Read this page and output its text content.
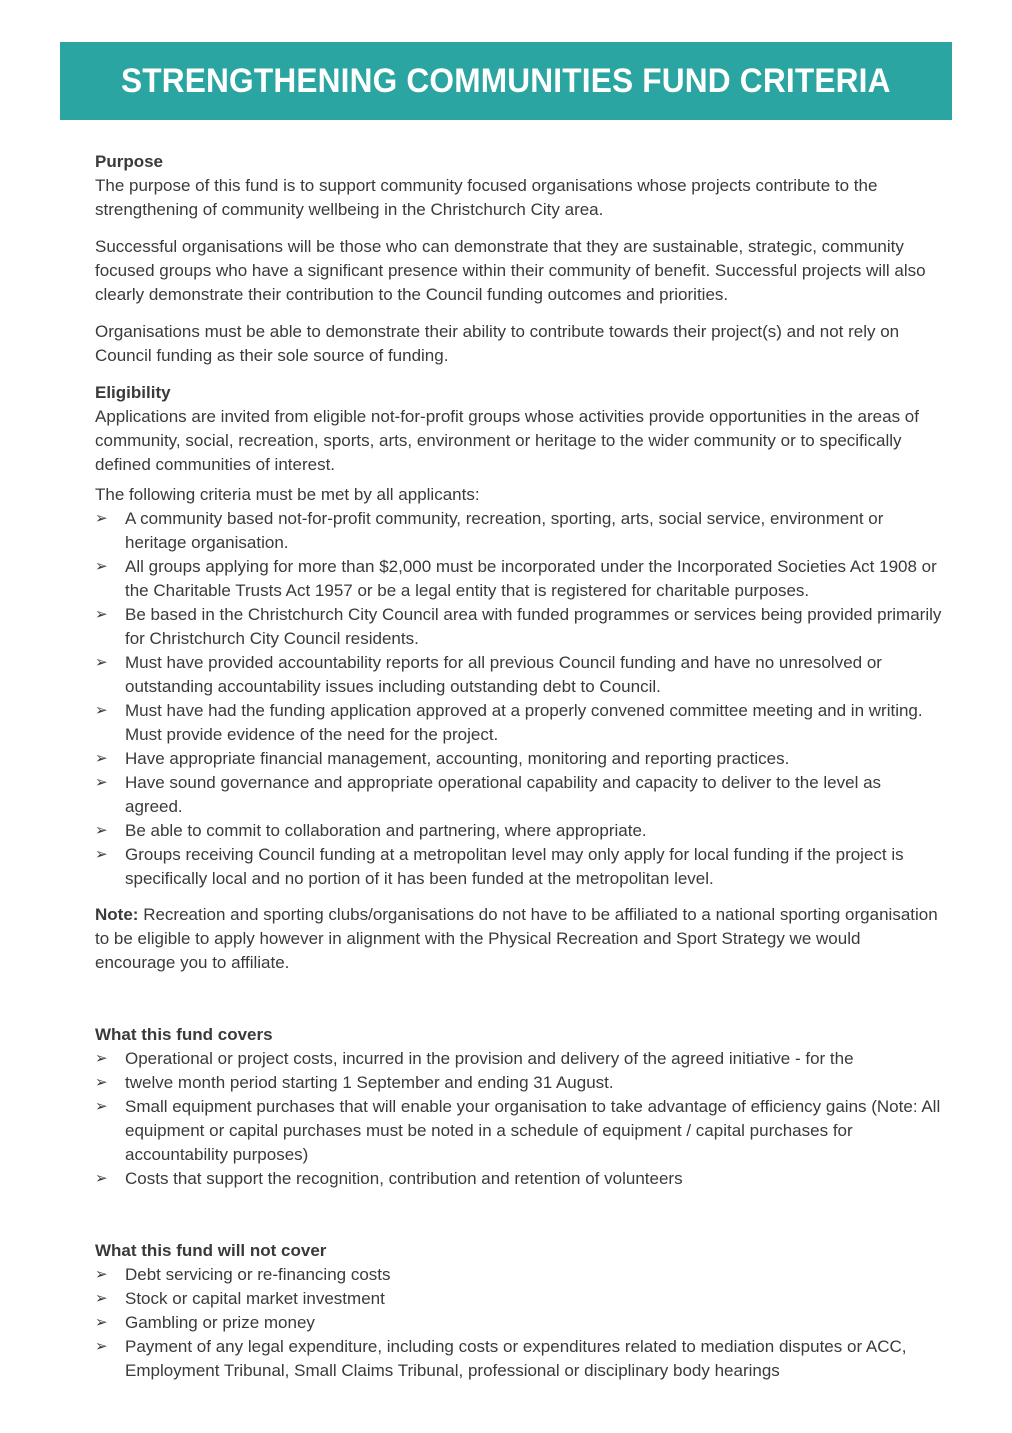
STRENGTHENING COMMUNITIES FUND CRITERIA
Purpose

The purpose of this fund is to support community focused organisations whose projects contribute to the strengthening of community wellbeing in the Christchurch City area.

Successful organisations will be those who can demonstrate that they are sustainable, strategic, community focused groups who have a significant presence within their community of benefit. Successful projects will also clearly demonstrate their contribution to the Council funding outcomes and priorities.

Organisations must be able to demonstrate their ability to contribute towards their project(s) and not rely on Council funding as their sole source of funding.

Eligibility

Applications are invited from eligible not-for-profit groups whose activities provide opportunities in the areas of community, social, recreation, sports, arts, environment or heritage to the wider community or to specifically defined communities of interest.

The following criteria must be met by all applicants:

➢	A community based not-for-profit community, recreation, sporting, arts, social service, environment or heritage organisation.
➢	All groups applying for more than $2,000 must be incorporated under the Incorporated Societies Act 1908 or the Charitable Trusts Act 1957 or be a legal entity that is registered for charitable purposes.
➢	Be based in the Christchurch City Council area with funded programmes or services being provided primarily for Christchurch City Council residents.
➢	Must have provided accountability reports for all previous Council funding and have no unresolved or outstanding accountability issues including outstanding debt to Council.
➢	Must have had the funding application approved at a properly convened committee meeting and in writing. Must provide evidence of the need for the project.
➢	Have appropriate financial management, accounting, monitoring and reporting practices.
➢	Have sound governance and appropriate operational capability and capacity to deliver to the level as agreed.
➢	Be able to commit to collaboration and partnering, where appropriate.
➢	Groups receiving Council funding at a metropolitan level may only apply for local funding if the project is specifically local and no portion of it has been funded at the metropolitan level.

Note: Recreation and sporting clubs/organisations do not have to be affiliated to a national sporting organisation to be eligible to apply however in alignment with the Physical Recreation and Sport Strategy we would encourage you to affiliate.

What this fund covers
➢	Operational or project costs, incurred in the provision and delivery of the agreed initiative - for the
➢	twelve month period starting 1 September and ending 31 August.
➢	Small equipment purchases that will enable your organisation to take advantage of efficiency gains (Note: All equipment or capital purchases must be noted in a schedule of equipment / capital purchases for accountability purposes)
➢	Costs that support the recognition, contribution and retention of volunteers
What this fund will not cover
➢	Debt servicing or re-financing costs
➢	Stock or capital market investment
➢	Gambling or prize money
➢	Payment of any legal expenditure, including costs or expenditures related to mediation disputes or ACC, Employment Tribunal, Small Claims Tribunal, professional or disciplinary body hearings
